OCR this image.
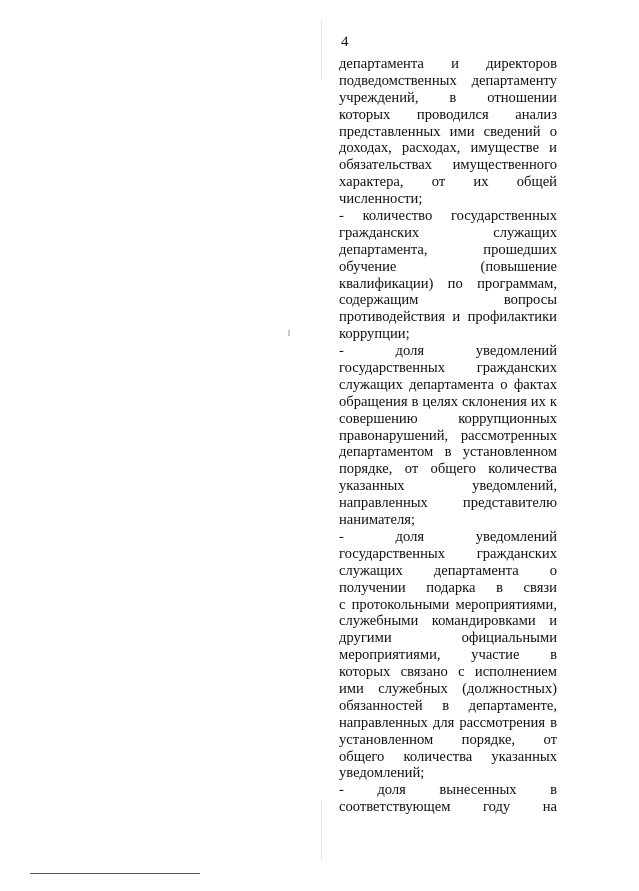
4
департамента и директоров
подведомственных департаменту
учреждений, в отношении
которых проводился анализ
представленных ими сведений о
доходах, расходах, имуществе и
обязательствах имущественного
характера, от их общей
численности;
- количество государственных
гражданских служащих
департамента, прошедших
обучение (повышение
квалификации) по программам,
содержащим вопросы
противодействия и профилактики
коррупции;
- доля уведомлений
государственных гражданских
служащих департамента о фактах
обращения в целях склонения их к
совершению коррупционных
правонарушений, рассмотренных
департаментом в установленном
порядке, от общего количества
указанных уведомлений,
направленных представителю
нанимателя;
- доля уведомлений
государственных гражданских
служащих департамента о
получении подарка в связи
с протокольными мероприятиями,
служебными командировками и
другими официальными
мероприятиями, участие в
которых связано с исполнением
ими служебных (должностных)
обязанностей в департаменте,
направленных для рассмотрения в
установленном порядке, от
общего количества указанных
уведомлений;
- доля вынесенных в
соответствующем году на
